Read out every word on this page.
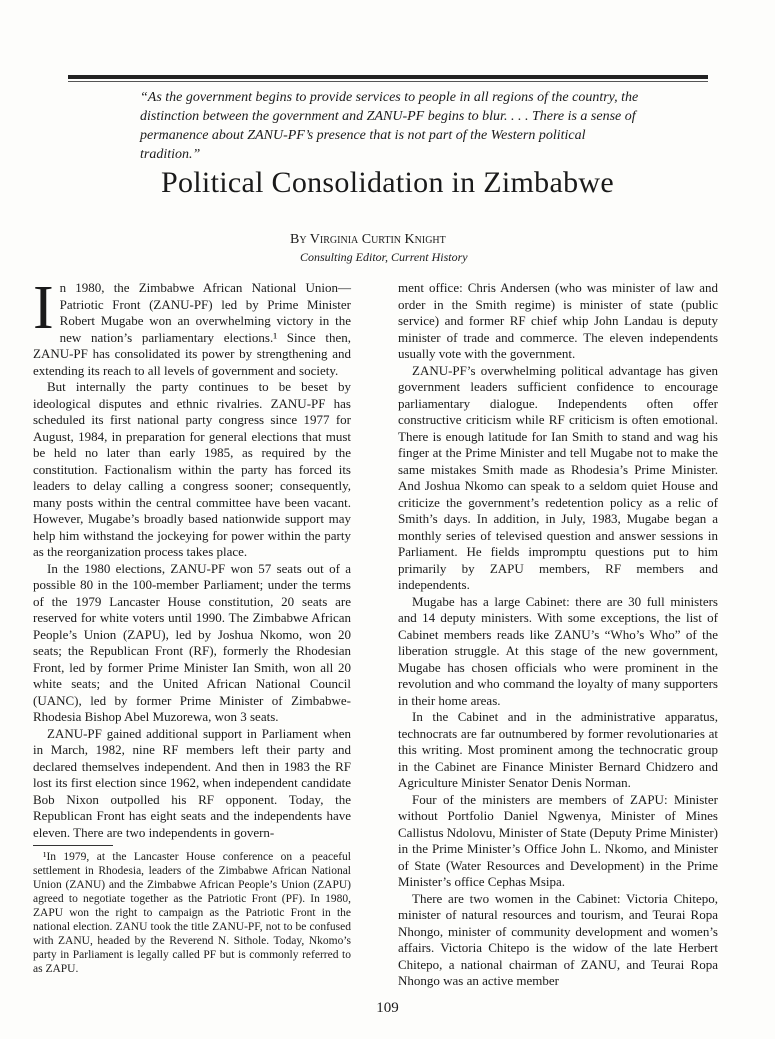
“As the government begins to provide services to people in all regions of the country, the distinction between the government and ZANU-PF begins to blur. . . . There is a sense of permanence about ZANU-PF’s presence that is not part of the Western political tradition.”

Political Consolidation in Zimbabwe

By Virginia Curtin Knight

Consulting Editor, Current History

In 1980, the Zimbabwe African National Union—Patriotic Front (ZANU-PF) led by Prime Minister Robert Mugabe won an overwhelming victory in the new nation’s parliamentary elections.¹ Since then, ZANU-PF has consolidated its power by strengthening and extending its reach to all levels of government and society.

But internally the party continues to be beset by ideological disputes and ethnic rivalries. ZANU-PF has scheduled its first national party congress since 1977 for August, 1984, in preparation for general elections that must be held no later than early 1985, as required by the constitution. Factionalism within the party has forced its leaders to delay calling a congress sooner; consequently, many posts within the central committee have been vacant. However, Mugabe’s broadly based nationwide support may help him withstand the jockeying for power within the party as the reorganization process takes place.

In the 1980 elections, ZANU-PF won 57 seats out of a possible 80 in the 100-member Parliament; under the terms of the 1979 Lancaster House constitution, 20 seats are reserved for white voters until 1990. The Zimbabwe African People’s Union (ZAPU), led by Joshua Nkomo, won 20 seats; the Republican Front (RF), formerly the Rhodesian Front, led by former Prime Minister Ian Smith, won all 20 white seats; and the United African National Council (UANC), led by former Prime Minister of Zimbabwe-Rhodesia Bishop Abel Muzorewa, won 3 seats.

ZANU-PF gained additional support in Parliament when in March, 1982, nine RF members left their party and declared themselves independent. And then in 1983 the RF lost its first election since 1962, when independent candidate Bob Nixon outpolled his RF opponent. Today, the Republican Front has eight seats and the independents have eleven. There are two independents in govern-

¹In 1979, at the Lancaster House conference on a peaceful settlement in Rhodesia, leaders of the Zimbabwe African National Union (ZANU) and the Zimbabwe African People’s Union (ZAPU) agreed to negotiate together as the Patriotic Front (PF). In 1980, ZAPU won the right to campaign as the Patriotic Front in the national election. ZANU took the title ZANU-PF, not to be confused with ZANU, headed by the Reverend N. Sithole. Today, Nkomo’s party in Parliament is legally called PF but is commonly referred to as ZAPU.

ment office: Chris Andersen (who was minister of law and order in the Smith regime) is minister of state (public service) and former RF chief whip John Landau is deputy minister of trade and commerce. The eleven independents usually vote with the government.

ZANU-PF’s overwhelming political advantage has given government leaders sufficient confidence to encourage parliamentary dialogue. Independents often offer constructive criticism while RF criticism is often emotional. There is enough latitude for Ian Smith to stand and wag his finger at the Prime Minister and tell Mugabe not to make the same mistakes Smith made as Rhodesia’s Prime Minister. And Joshua Nkomo can speak to a seldom quiet House and criticize the government’s redetention policy as a relic of Smith’s days. In addition, in July, 1983, Mugabe began a monthly series of televised question and answer sessions in Parliament. He fields impromptu questions put to him primarily by ZAPU members, RF members and independents.

Mugabe has a large Cabinet: there are 30 full ministers and 14 deputy ministers. With some exceptions, the list of Cabinet members reads like ZANU’s “Who’s Who” of the liberation struggle. At this stage of the new government, Mugabe has chosen officials who were prominent in the revolution and who command the loyalty of many supporters in their home areas.

In the Cabinet and in the administrative apparatus, technocrats are far outnumbered by former revolutionaries at this writing. Most prominent among the technocratic group in the Cabinet are Finance Minister Bernard Chidzero and Agriculture Minister Senator Denis Norman.

Four of the ministers are members of ZAPU: Minister without Portfolio Daniel Ngwenya, Minister of Mines Callistus Ndolovu, Minister of State (Deputy Prime Minister) in the Prime Minister’s Office John L. Nkomo, and Minister of State (Water Resources and Development) in the Prime Minister’s office Cephas Msipa.

There are two women in the Cabinet: Victoria Chitepo, minister of natural resources and tourism, and Teurai Ropa Nhongo, minister of community development and women’s affairs. Victoria Chitepo is the widow of the late Herbert Chitepo, a national chairman of ZANU, and Teurai Ropa Nhongo was an active member

109
